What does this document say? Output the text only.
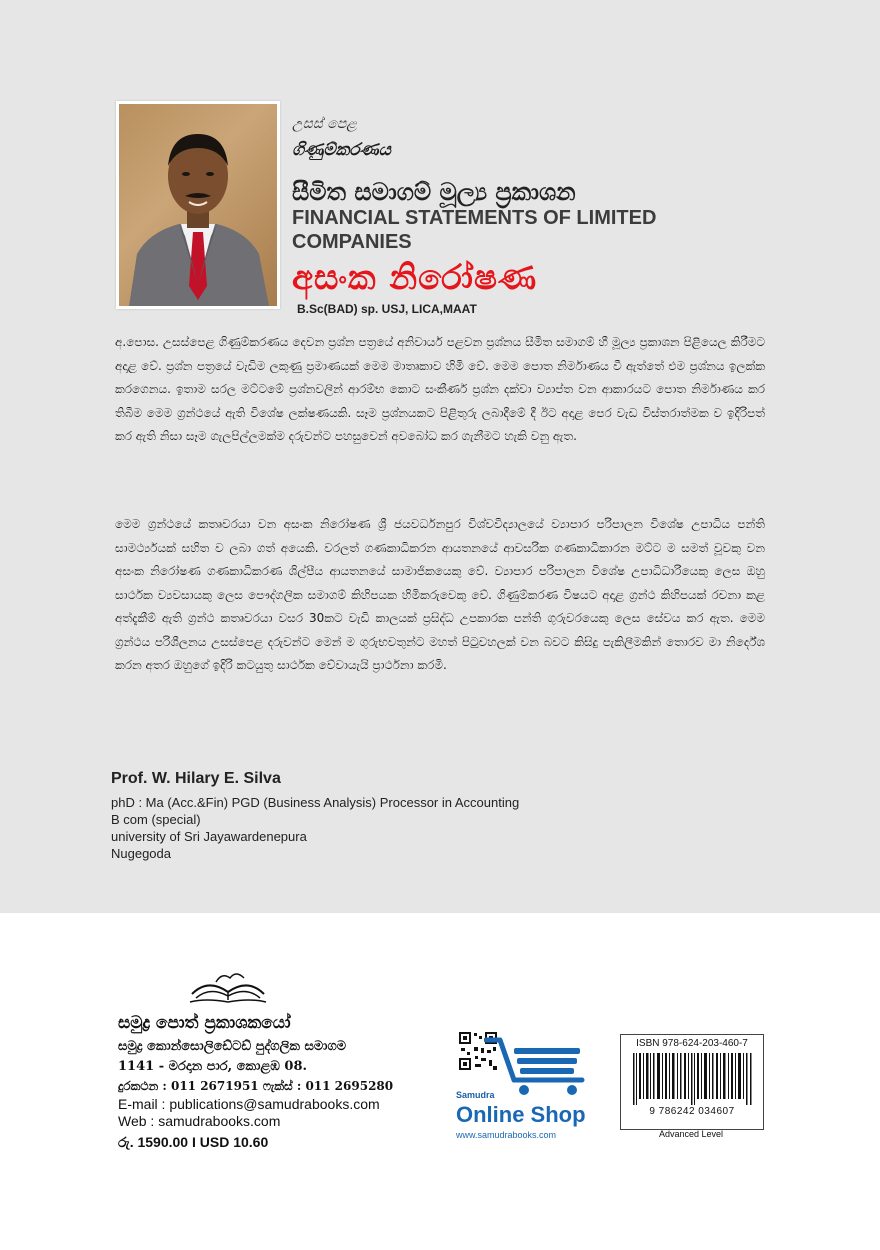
උසස් පෙළ
ගිණුම්කරණය
සීමිත සමාගම් මූල්‍ය ප්‍රකාශන
FINANCIAL STATEMENTS OF LIMITED COMPANIES
අසංක නිරෝෂණ
B.Sc(BAD) sp. USJ, LICA,MAAT
අ.පොස. උසස්පෙළ ගිණුම්කරණය දෙවන ප්‍රශ්න පත්‍රයේ අනිවාර්ය පළවන ප්‍රශ්නය සීමිත සමාගම් හී මූල්‍ය ප්‍රකාශන පිළියෙල කිරීමට අදාළ වේ. ප්‍රශ්න පත්‍රයේ වැඩිම ලකුණු ප්‍රමාණයක් මෙම මාතෘකාව හිමි වේ. මෙම පොත නිර්මාණය වී ඇත්තේ එම ප්‍රශ්නය ඉලක්ක කරගෙනය. ඉතාම සරල මට්ටමේ ප්‍රශ්නවලින් ආරම්භ කොට සංකීර්ණ ප්‍රශ්න දක්වා ව්‍යාප්ත වන ආකාරයට පොත නිර්මාණය කර තිබීම මෙම ග්‍රන්ථයේ ඇති විශේෂ ලක්ෂණයකි. සෑම ප්‍රශ්නයකට පිළිතුරු ලබාදීමේ දී ඊට අදාළ පෙර වැඩ විස්තරාත්මක ව ඉදිරිපත් කර ඇති නිසා සෑම ගැලපිල්ලමක්ම දරුවන්ට පහසුවෙන් අවබෝධ කර ගැනීමට හැකි වනු ඇත.
මෙම ග්‍රන්ථයේ කතෘවරයා වන අසංක නිරෝෂණ ශ්‍රී ජයවර්ධනපුර විශ්වවිද්‍යාලයේ ව්‍යාපාර පරිපාලන විශේෂ උපාධිය පන්ති සාමර්ථ්‍යයක් සහිත ව ලබා ගත් අයෙකි. වරලත් ගණකාධිකරන ආයතනයේ ආවසරික ගණකාධිකාරන මට්ට ම සමත් වූවකු වන අසංක නිරෝෂණ ගණකාධිකරණ ශිල්පීය ආයතනයේ සාමාජිකයෙකු වේ. ව්‍යාපාර පරිපාලන විශේෂ උපාධිධාරියෙකු ලෙස ඔහු සාර්ථක ව්‍යවසායකු ලෙස පෞද්ගලික සමාගම් කිහිපයක හිමිකරුවෙකු වේ. ගිණුම්කරණ විෂයට අදාළ ග්‍රන්ථ කිහිපයක් රචනා කළ අත්දැකීම් ඇති ග්‍රන්ථ කතෘවරයා වසර 30කට වැඩි කාලයක් ප්‍රසිද්ධ උපකාරක පන්ති ගුරුවරයෙකු ලෙස සේවය කර ඇත. මෙම ග්‍රන්ථය පරිශීලනය උසස්පෙළ දරුවන්ට මෙන් ම ගුරුභවතුන්ට මහත් පිටුවහලක් වන බවට කිසිදු පැකිලීමකින් තොරව මා නිර්දේශ කරන අතර ඔහුගේ ඉදිරි කටයුතු සාර්ථක වේවායැයි ප්‍රාර්ථනා කරමි.
Prof. W. Hilary E. Silva
phD : Ma (Acc.&Fin) PGD (Business Analysis) Processor in Accounting
B com (special)
university of Sri Jayawardenepura
Nugegoda
සමුද්‍ර පොත් ප්‍රකාශකයෝ
සමුද්‍ර කොන්සොලිඩේටඩ් පුද්ගලික සමාගම
1141 - මරදාන පාර, කොළඹ 08.
දුරකථන : 011 2671951 ෆැක්ස් : 011 2695280
E-mail : publications@samudrabooks.com
Web : samudrabooks.com
රු. 1590.00 I USD 10.60
Samudra
Online Shop
www.samudrabooks.com
ISBN 978-624-203-460-7
9 786242 034607
Advanced Level
